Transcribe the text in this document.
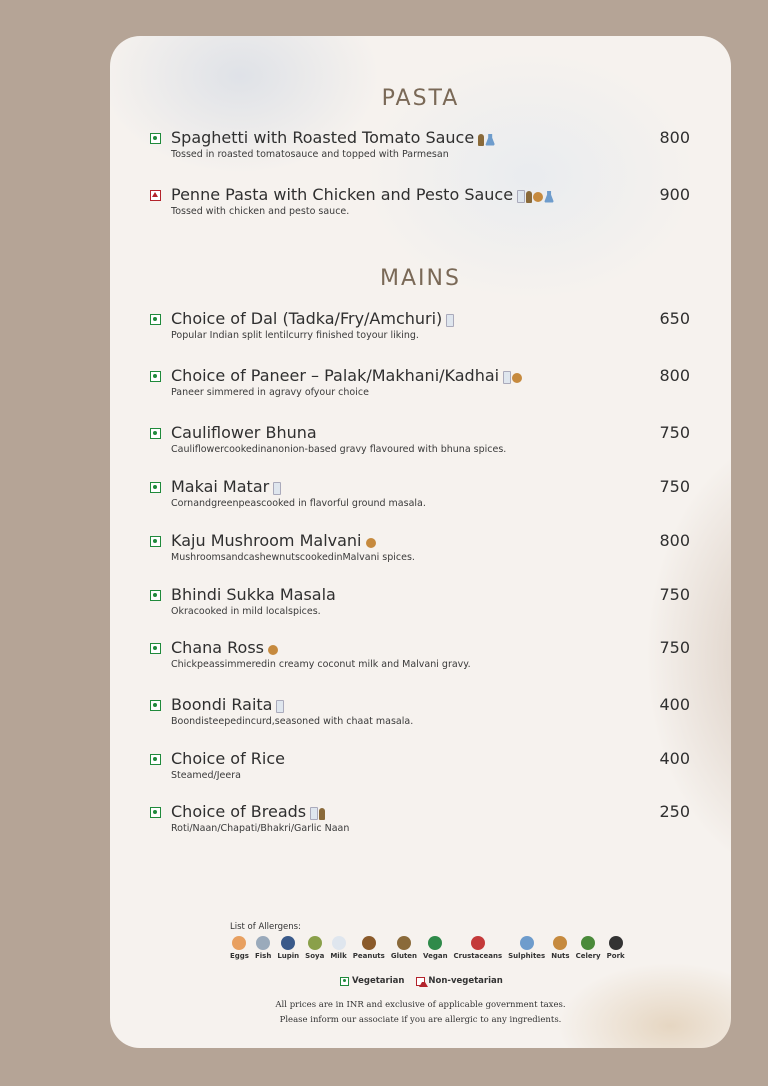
PASTA
Spaghetti with Roasted Tomato Sauce
Tossed in roasted tomatosauce and topped with Parmesan
800
Penne Pasta with Chicken and Pesto Sauce
Tossed with chicken and pesto sauce.
900
MAINS
Choice of Dal (Tadka/Fry/Amchuri)
Popular Indian split lentilcurry finished toyour liking.
650
Choice of Paneer – Palak/Makhani/Kadhai
Paneer simmered in agravy ofyour choice
800
Cauliflower Bhuna
Cauliflowercookedinanonion-based gravy flavoured with bhuna spices.
750
Makai Matar
Cornandgreenpeascooked in flavorful ground masala.
750
Kaju Mushroom Malvani
MushroomsandcashewnutscookedinMalvani spices.
800
Bhindi Sukka Masala
Okracooked in mild localspices.
750
Chana Ross
Chickpeassimmeredin creamy coconut milk and Malvani gravy.
750
Boondi Raita
Boondisteepedincurd,seasoned with chaat masala.
400
Choice of Rice
Steamed/Jeera
400
Choice of Breads
Roti/Naan/Chapati/Bhakri/Garlic Naan
250
List of Allergens:
Eggs Fish Lupin Soya Milk Peanuts Gluten Vegan Crustaceans Sulphites Nuts Celery Pork
Vegetarian	Non-vegetarian
All prices are in INR and exclusive of applicable government taxes.
Please inform our associate if you are allergic to any ingredients.
